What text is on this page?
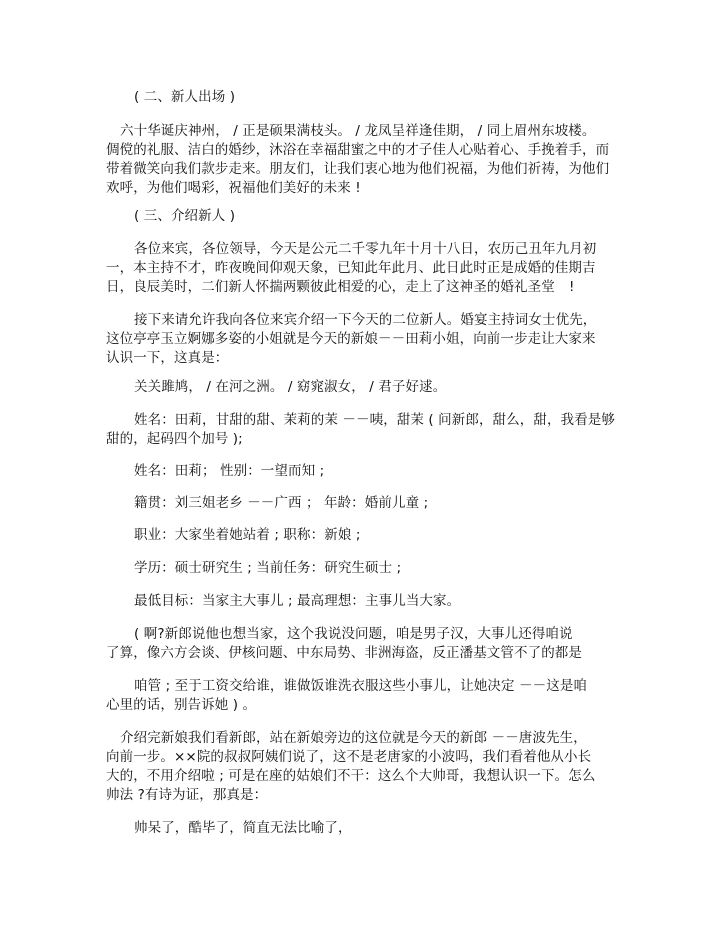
( 二、新人出场 )

六十华诞庆神州， / 正是硕果满枝头。 / 龙凤呈祥逢佳期， / 同上眉州东坡楼。

倜傥的礼服、洁白的婚纱，沐浴在幸福甜蜜之中的才子佳人心贴着心、手挽着手，而

带着微笑向我们款步走来。朋友们，让我们衷心地为他们祝福，为他们祈祷，为他们

欢呼，为他们喝彩，祝福他们美好的未来 !

( 三、介绍新人 )

各位来宾，各位领导，今天是公元二千零九年十月十八日，农历己丑年九月初

一，本主持不才，昨夜晚间仰观天象，已知此年此月、此日此时正是成婚的佳期吉

日，良辰美时，二们新人怀揣两颗彼此相爱的心，走上了这神圣的婚礼圣堂 !

接下来请允许我向各位来宾介绍一下今天的二位新人。婚宴主持词女士优先，

这位亭亭玉立婀娜多姿的小姐就是今天的新娘－－田莉小姐，向前一步走让大家来

认识一下，这真是：

关关雎鸠， / 在河之洲。 / 窈窕淑女， / 君子好逑。

姓名：田莉，甘甜的甜、茉莉的茉 －－咦，甜茉 ( 问新郎，甜么，甜，我看是够

甜的，起码四个加号 );

姓名：田莉； 性别：一望而知 ;

籍贯：刘三姐老乡 －－广西 ； 年龄：婚前儿童 ;

职业：大家坐着她站着 ; 职称：新娘 ;

学历：硕士研究生 ; 当前任务：研究生硕士 ;

最低目标：当家主大事儿 ; 最高理想：主事儿当大家。

( 啊?新郎说他也想当家，这个我说没问题，咱是男子汉，大事儿还得咱说

了算，像六方会谈、伊核问题、中东局势、非洲海盗，反正潘基文管不了的都是

咱管 ; 至于工资交给谁，谁做饭谁洗衣服这些小事儿，让她决定 －－这是咱

心里的话，别告诉她 ) 。

介绍完新娘我们看新郎，站在新娘旁边的这位就是今天的新郎 －－唐波先生，

向前一步。××院的叔叔阿姨们说了，这不是老唐家的小波吗，我们看着他从小长

大的，不用介绍啦 ; 可是在座的姑娘们不干：这么个大帅哥，我想认识一下。怎么

帅法 ?有诗为证，那真是：

帅呆了，酷毕了，简直无法比喻了，
